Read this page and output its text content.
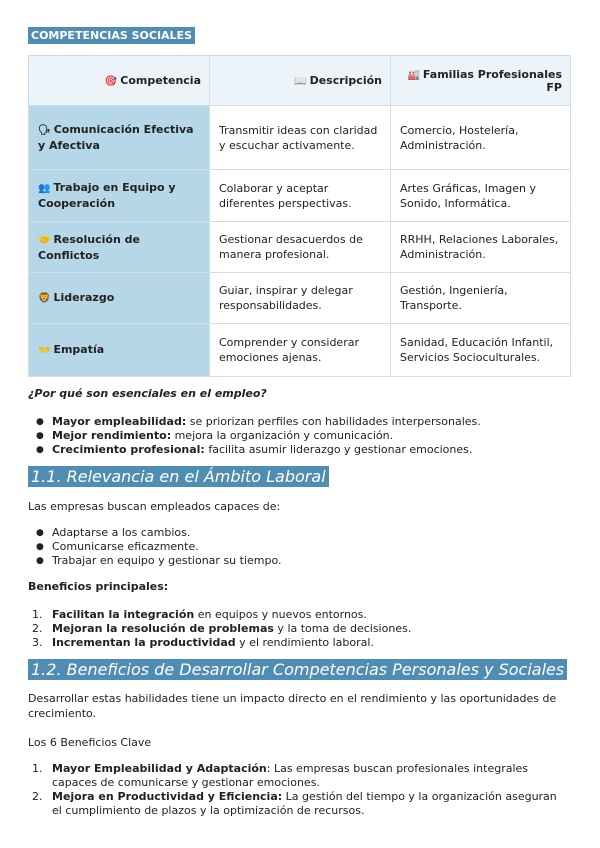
COMPETENCIAS SOCIALES
🎯 Competencia	📖 Descripción	🏭 Familias Profesionales FP
🗣 Comunicación Efectiva y Afectiva	Transmitir ideas con claridad y escuchar activamente.	Comercio, Hostelería, Administración.
👥 Trabajo en Equipo y Cooperación	Colaborar y aceptar diferentes perspectivas.	Artes Gráficas, Imagen y Sonido, Informática.
🤝 Resolución de Conflictos	Gestionar desacuerdos de manera profesional.	RRHH, Relaciones Laborales, Administración.
🦁 Liderazgo	Guiar, inspirar y delegar responsabilidades.	Gestión, Ingeniería, Transporte.
👐 Empatía	Comprender y considerar emociones ajenas.	Sanidad, Educación Infantil, Servicios Socioculturales.
¿Por qué son esenciales en el empleo?
● Mayor empleabilidad: se priorizan perfiles con habilidades interpersonales.
● Mejor rendimiento: mejora la organización y comunicación.
● Crecimiento profesional: facilita asumir liderazgo y gestionar emociones.
1.1. Relevancia en el Ámbito Laboral
Las empresas buscan empleados capaces de:
● Adaptarse a los cambios.
● Comunicarse eficazmente.
● Trabajar en equipo y gestionar su tiempo.
Beneficios principales:
1. Facilitan la integración en equipos y nuevos entornos.
2. Mejoran la resolución de problemas y la toma de decisiones.
3. Incrementan la productividad y el rendimiento laboral.
1.2. Beneficios de Desarrollar Competencias Personales y Sociales
Desarrollar estas habilidades tiene un impacto directo en el rendimiento y las oportunidades de crecimiento.
Los 6 Beneficios Clave
1. Mayor Empleabilidad y Adaptación: Las empresas buscan profesionales integrales capaces de comunicarse y gestionar emociones.
2. Mejora en Productividad y Eficiencia: La gestión del tiempo y la organización aseguran el cumplimiento de plazos y la optimización de recursos.
